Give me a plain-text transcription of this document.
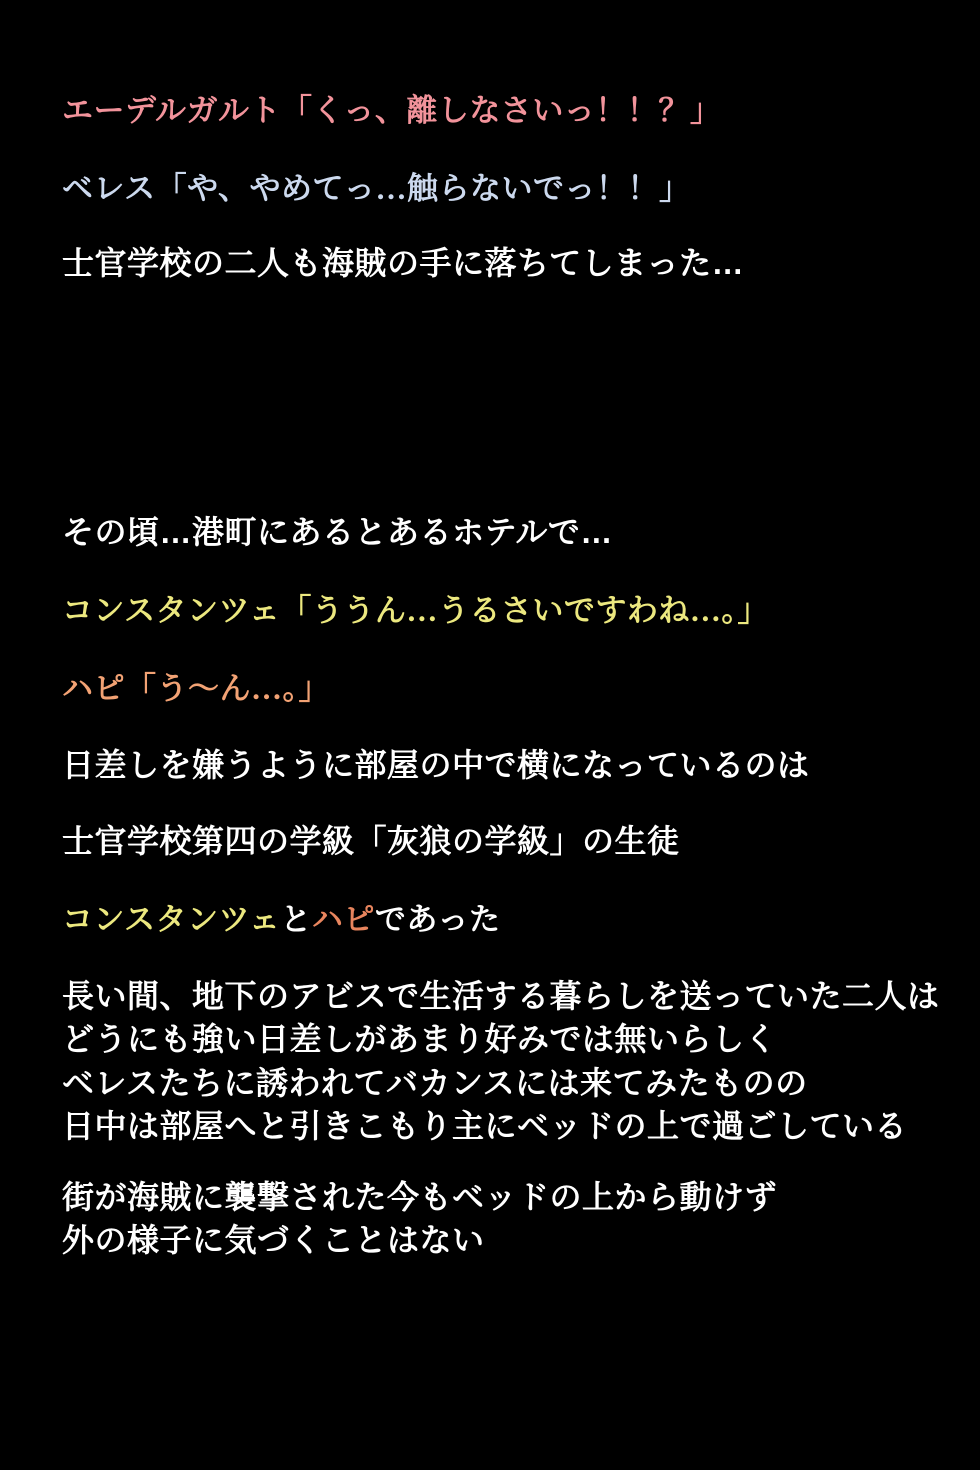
エーデルガルト「くっ、離しなさいっ！！？」
ベレス「や、やめてっ…触らないでっ！！」
士官学校の二人も海賊の手に落ちてしまった…
その頃…港町にあるとあるホテルで…
コンスタンツェ「ううん…うるさいですわね…。」
ハピ「う〜ん…。」
日差しを嫌うように部屋の中で横になっているのは
士官学校第四の学級「灰狼の学級」の生徒
コンスタンツェとハピであった
長い間、地下のアビスで生活する暮らしを送っていた二人は
どうにも強い日差しがあまり好みでは無いらしく
ベレスたちに誘われてバカンスには来てみたものの
日中は部屋へと引きこもり主にベッドの上で過ごしている
街が海賊に襲撃された今もベッドの上から動けず
外の様子に気づくことはない
